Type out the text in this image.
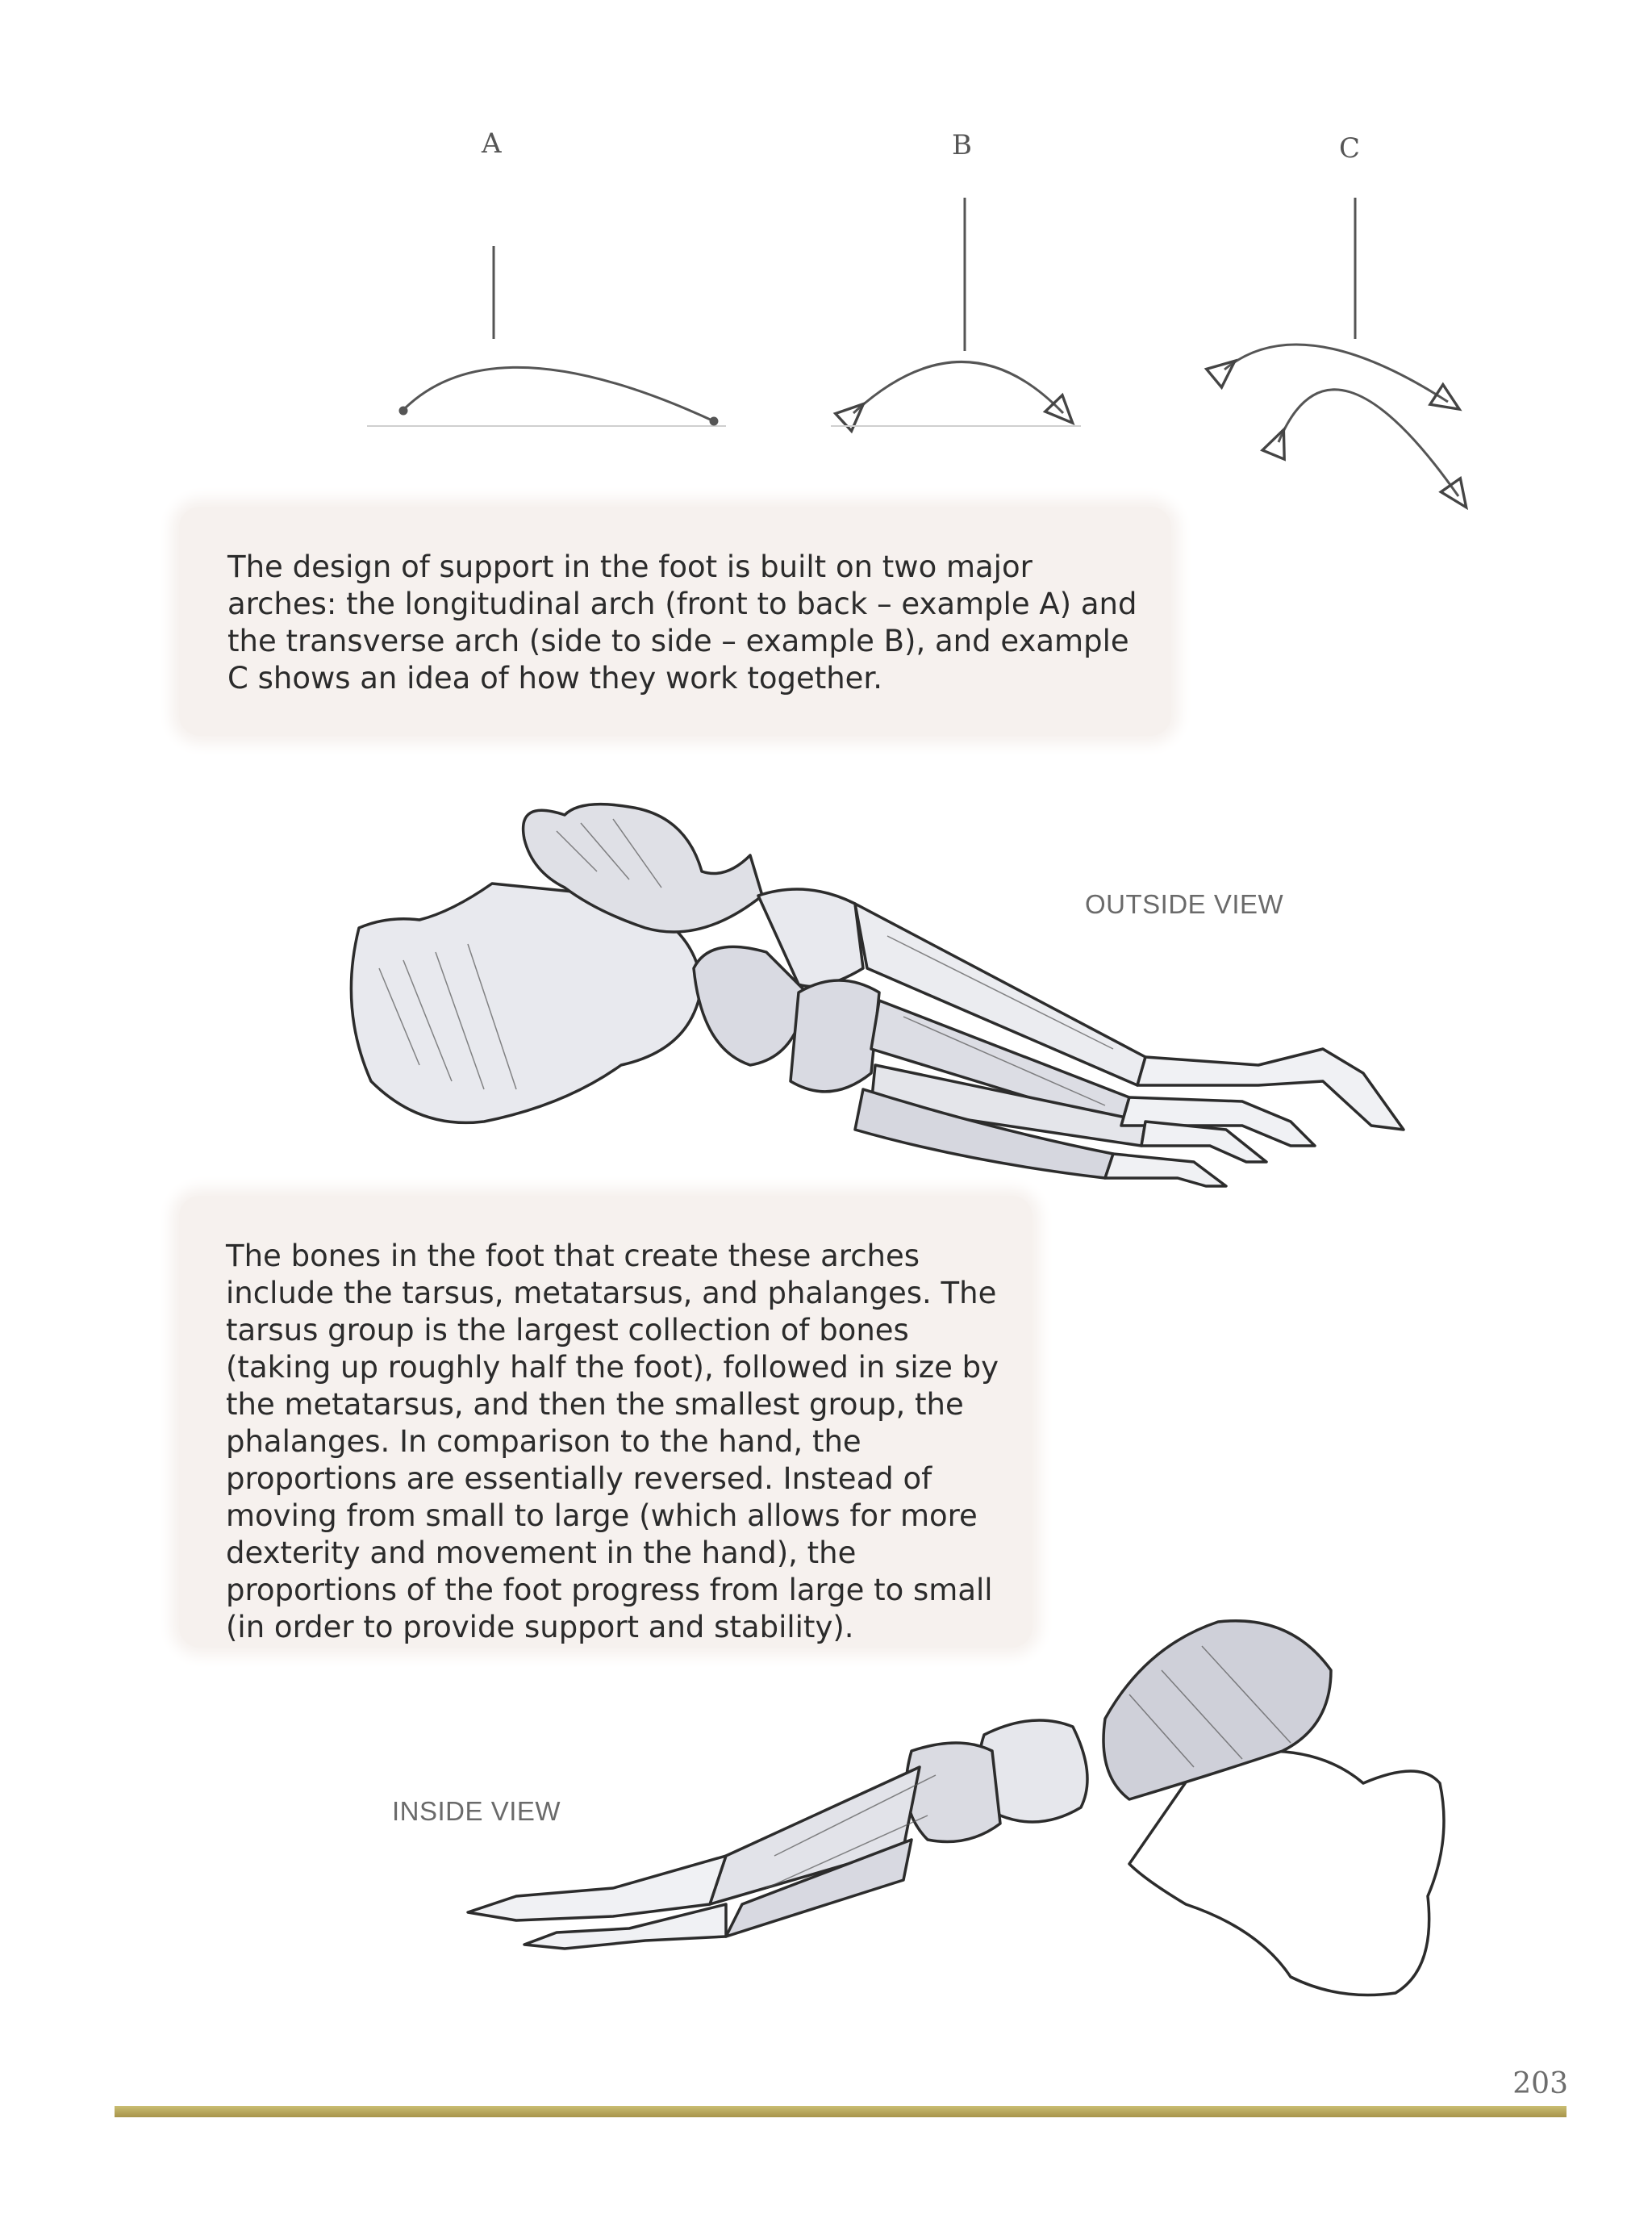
A	B	C

The design of support in the foot is built on two major arches: the longitudinal arch (front to back – example A) and the transverse arch (side to side – example B), and example C shows an idea of how they work together.

OUTSIDE VIEW

The bones in the foot that create these arches include the tarsus, metatarsus, and phalanges. The tarsus group is the largest collection of bones (taking up roughly half the foot), followed in size by the metatarsus, and then the smallest group, the phalanges. In comparison to the hand, the proportions are essentially reversed. Instead of moving from small to large (which allows for more dexterity and movement in the hand), the proportions of the foot progress from large to small (in order to provide support and stability).

INSIDE VIEW
203
